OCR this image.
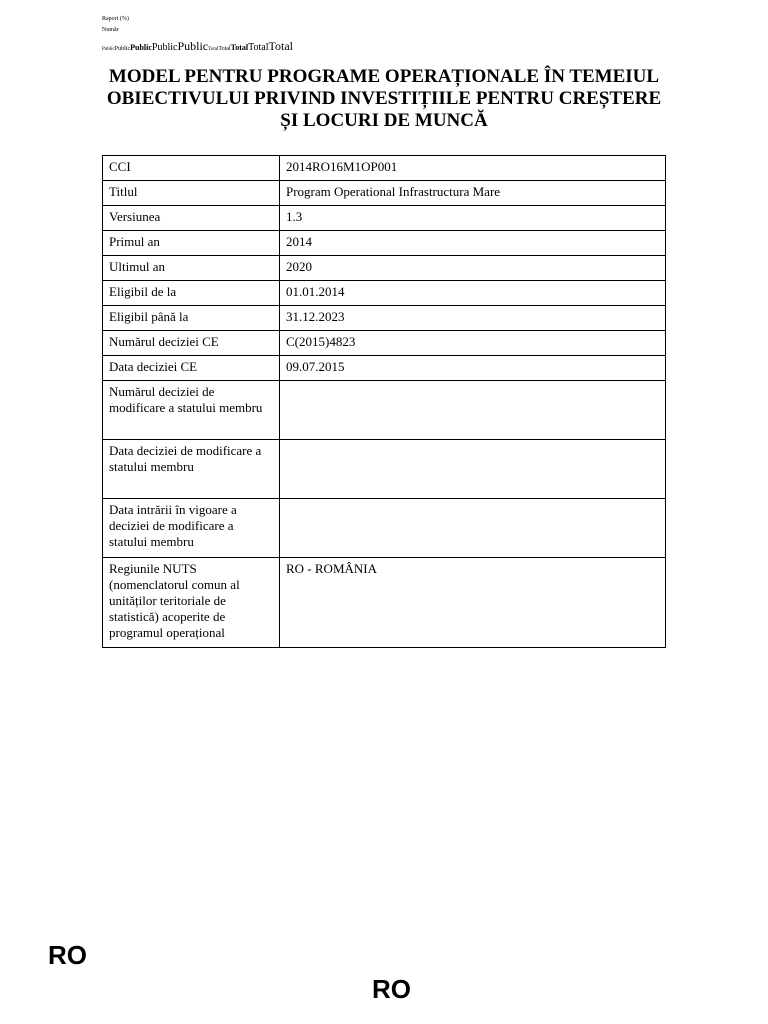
Raport (%)
Număr
PublicPublicPublicPublicPublicTotalTotalTotalTotalTotal
MODEL PENTRU PROGRAME OPERAȚIONALE ÎN TEMEIUL OBIECTIVULUI PRIVIND INVESTIȚIILE PENTRU CREȘTERE ȘI LOCURI DE MUNCĂ
CCI	2014RO16M1OP001
Titlul	Program Operational Infrastructura Mare
Versiunea	1.3
Primul an	2014
Ultimul an	2020
Eligibil de la	01.01.2014
Eligibil până la	31.12.2023
Numărul deciziei CE	C(2015)4823
Data deciziei CE	09.07.2015
Numărul deciziei de modificare a statului membru	
Data deciziei de modificare a statului membru	
Data intrării în vigoare a deciziei de modificare a statului membru	
Regiunile NUTS (nomenclatorul comun al unităților teritoriale de statistică) acoperite de programul operațional	RO - ROMÂNIA
RO
RO
